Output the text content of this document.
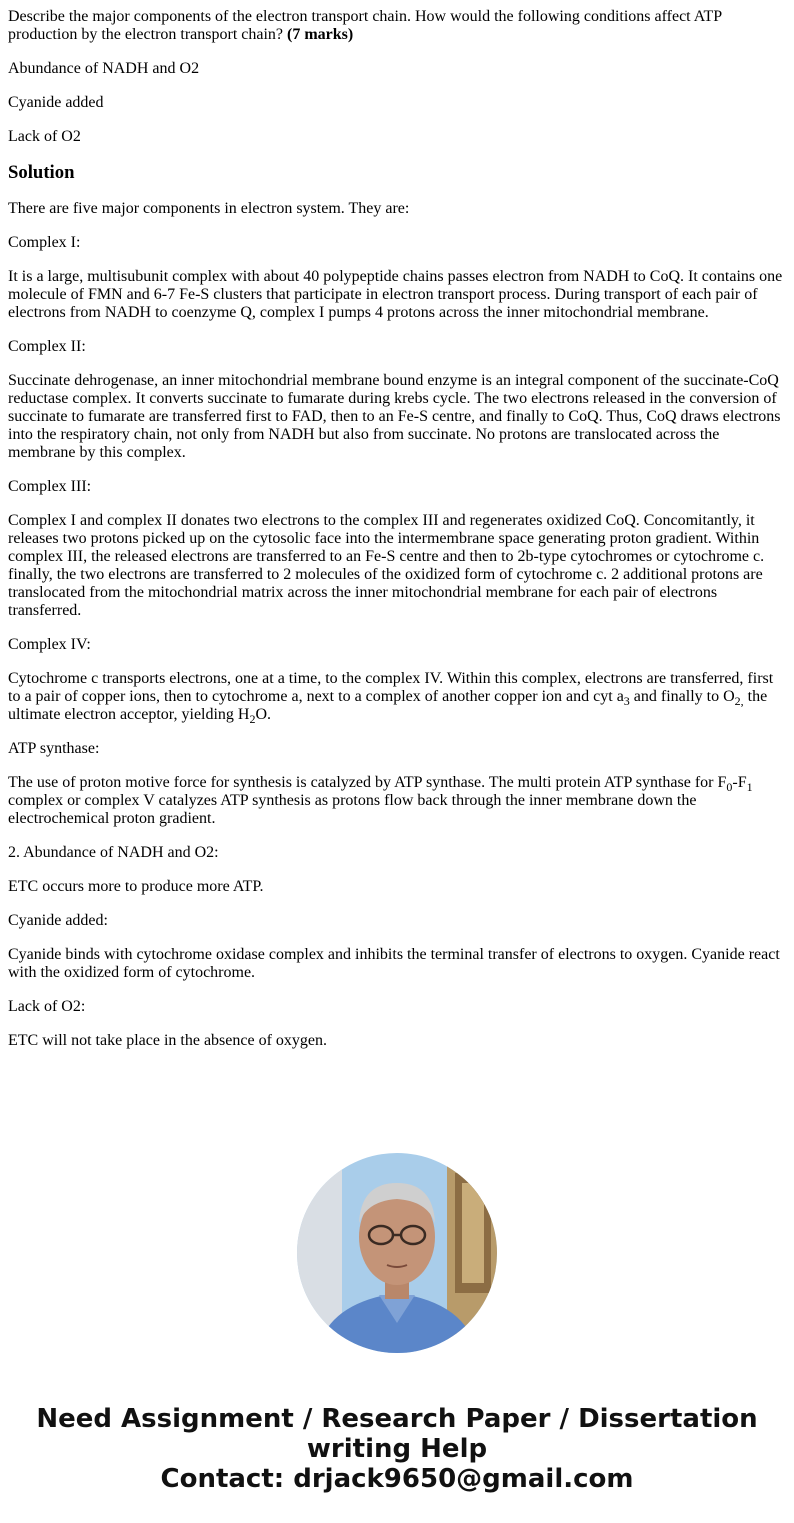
Describe the major components of the electron transport chain. How would the following conditions affect ATP production by the electron transport chain? (7 marks)

Abundance of NADH and O2

Cyanide added

Lack of O2

Solution

There are five major components in electron system. They are:

Complex I:

It is a large, multisubunit complex with about 40 polypeptide chains passes electron from NADH to CoQ. It contains one molecule of FMN and 6-7 Fe-S clusters that participate in electron transport process. During transport of each pair of electrons from NADH to coenzyme Q, complex I pumps 4 protons across the inner mitochondrial membrane.

Complex II:

Succinate dehrogenase, an inner mitochondrial membrane bound enzyme is an integral component of the succinate-CoQ reductase complex. It converts succinate to fumarate during krebs cycle. The two electrons released in the conversion of succinate to fumarate are transferred first to FAD, then to an Fe-S centre, and finally to CoQ. Thus, CoQ draws electrons into the respiratory chain, not only from NADH but also from succinate. No protons are translocated across the membrane by this complex.

Complex III:

Complex I and complex II donates two electrons to the complex III and regenerates oxidized CoQ. Concomitantly, it releases two protons picked up on the cytosolic face into the intermembrane space generating proton gradient. Within complex III, the released electrons are transferred to an Fe-S centre and then to 2b-type cytochromes or cytochrome c. finally, the two electrons are transferred to 2 molecules of the oxidized form of cytochrome c. 2 additional protons are translocated from the mitochondrial matrix across the inner mitochondrial membrane for each pair of electrons transferred.

Complex IV:

Cytochrome c transports electrons, one at a time, to the complex IV. Within this complex, electrons are transferred, first to a pair of copper ions, then to cytochrome a, next to a complex of another copper ion and cyt $a_3$ and finally to $O_{2,}$ the ultimate electron acceptor, yielding $H_2O$.

ATP synthase:

The use of proton motive force for synthesis is catalyzed by ATP synthase. The multi protein ATP synthase for $F_0-F_1$ complex or complex V catalyzes ATP synthesis as protons flow back through the inner membrane down the electrochemical proton gradient.

2. Abundance of NADH and O2:

ETC occurs more to produce more ATP.

Cyanide added:

Cyanide binds with cytochrome oxidase complex and inhibits the terminal transfer of electrons to oxygen. Cyanide react with the oxidized form of cytochrome.

Lack of O2:

ETC will not take place in the absence of oxygen.

Need Assignment / Research Paper / Dissertation
writing Help
Contact: drjack9650@gmail.com
